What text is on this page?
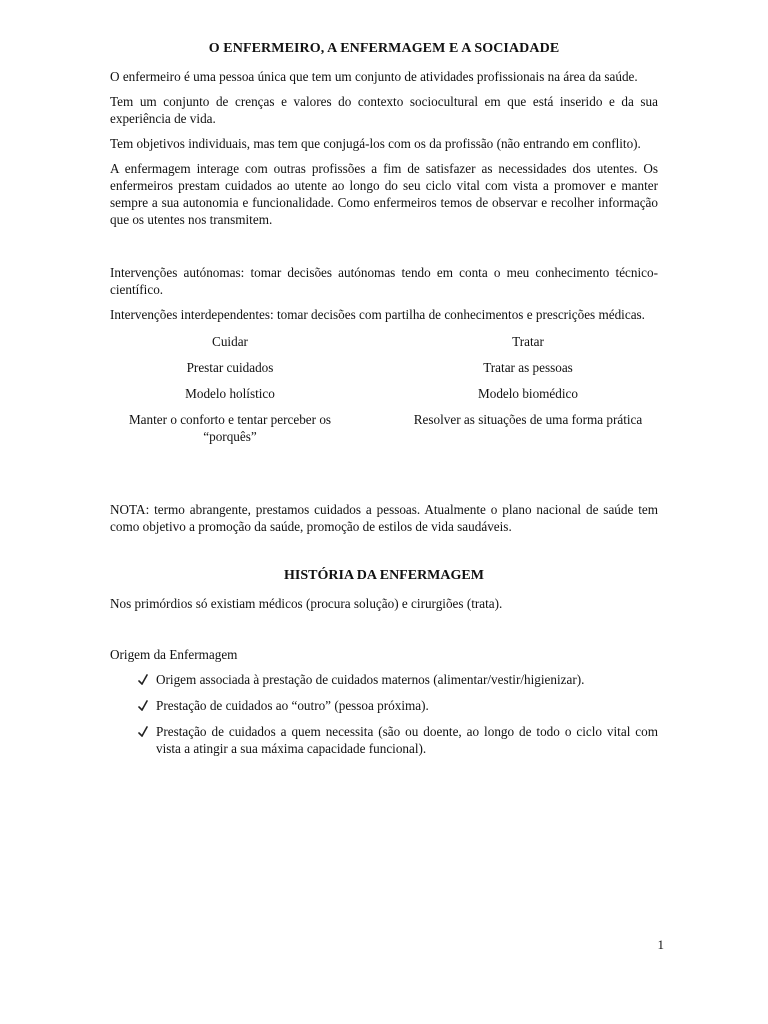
O ENFERMEIRO, A ENFERMAGEM E A SOCIADADE

O enfermeiro é uma pessoa única que tem um conjunto de atividades profissionais na área da saúde.

Tem um conjunto de crenças e valores do contexto sociocultural em que está inserido e da sua experiência de vida.

Tem objetivos individuais, mas tem que conjugá-los com os da profissão (não entrando em conflito).

A enfermagem interage com outras profissões a fim de satisfazer as necessidades dos utentes. Os enfermeiros prestam cuidados ao utente ao longo do seu ciclo vital com vista a promover e manter sempre a sua autonomia e funcionalidade. Como enfermeiros temos de observar e recolher informação que os utentes nos transmitem.

Intervenções autónomas: tomar decisões autónomas tendo em conta o meu conhecimento técnico-científico.

Intervenções interdependentes: tomar decisões com partilha de conhecimentos e prescrições médicas.

Cuidar
Prestar cuidados
Modelo holístico
Manter o conforto e tentar perceber os “porquês”
Tratar
Tratar as pessoas
Modelo biomédico
Resolver as situações de uma forma prática

NOTA: termo abrangente, prestamos cuidados a pessoas. Atualmente o plano nacional de saúde tem como objetivo a promoção da saúde, promoção de estilos de vida saudáveis.

HISTÓRIA DA ENFERMAGEM

Nos primórdios só existiam médicos (procura solução) e cirurgiões (trata).

Origem da Enfermagem

Origem associada à prestação de cuidados maternos (alimentar/vestir/higienizar).
Prestação de cuidados ao “outro” (pessoa próxima).
Prestação de cuidados a quem necessita (são ou doente, ao longo de todo o ciclo vital com vista a atingir a sua máxima capacidade funcional).
1
